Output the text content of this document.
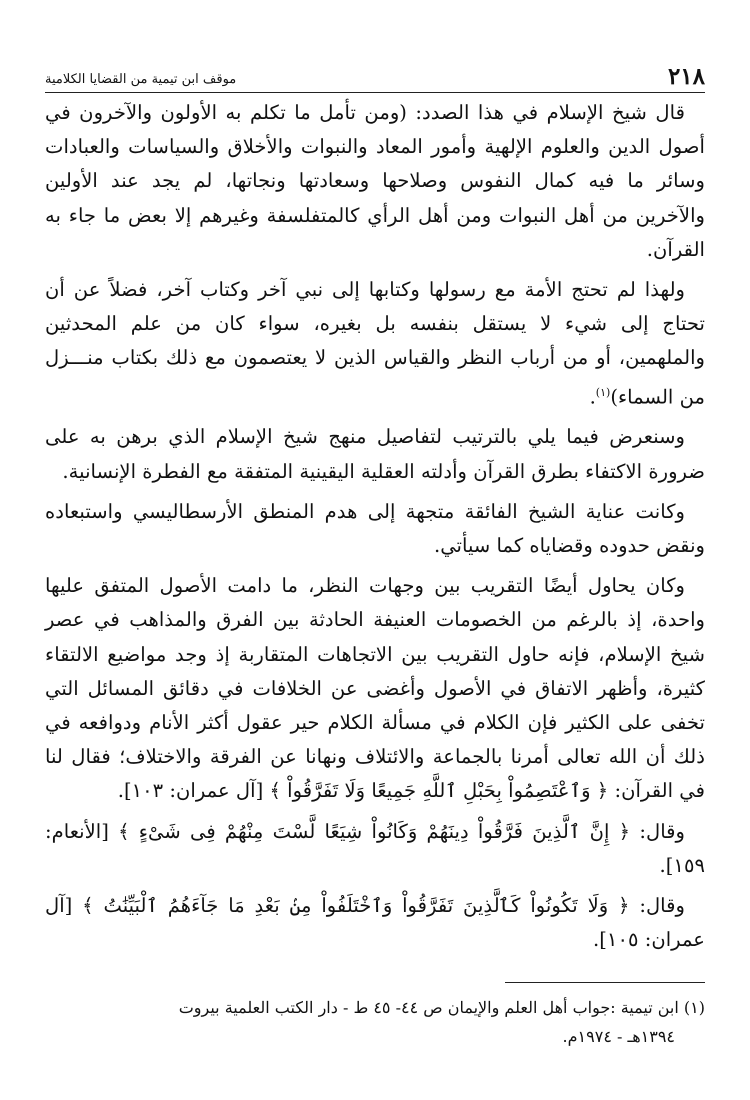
٢١٨
موقف ابن تيمية من القضايا الكلامية

قال شيخ الإسلام في هذا الصدد: (ومن تأمل ما تكلم به الأولون والآخرون في أصول الدين والعلوم الإلهية وأمور المعاد والنبوات والأخلاق والسياسات والعبادات وسائر ما فيه كمال النفوس وصلاحها وسعادتها ونجاتها، لم يجد عند الأولين والآخرين من أهل النبوات ومن أهل الرأي كالمتفلسفة وغيرهم إلا بعض ما جاء به القرآن.

ولهذا لم تحتج الأمة مع رسولها وكتابها إلى نبي آخر وكتاب آخر، فضلاً عن أن تحتاج إلى شيء لا يستقل بنفسه بل بغيره، سواء كان من علم المحدثين والملهمين، أو من أرباب النظر والقياس الذين لا يعتصمون مع ذلك بكتاب منـــزل من السماء)$^{(١)}$.

وسنعرض فيما يلي بالترتيب لتفاصيل منهج شيخ الإسلام الذي برهن به على ضرورة الاكتفاء بطرق القرآن وأدلته العقلية اليقينية المتفقة مع الفطرة الإنسانية.

وكانت عناية الشيخ الفائقة متجهة إلى هدم المنطق الأرسطاليسي واستبعاده ونقض حدوده وقضاياه كما سيأتي.

وكان يحاول أيضًا التقريب بين وجهات النظر، ما دامت الأصول المتفق عليها واحدة، إذ بالرغم من الخصومات العنيفة الحادثة بين الفرق والمذاهب في عصر شيخ الإسلام، فإنه حاول التقريب بين الاتجاهات المتقاربة إذ وجد مواضيع الالتقاء كثيرة، وأظهر الاتفاق في الأصول وأغضى عن الخلافات في دقائق المسائل التي تخفى على الكثير فإن الكلام في مسألة الكلام حير عقول أكثر الأنام ودوافعه في ذلك أن الله تعالى أمرنا بالجماعة والائتلاف ونهانا عن الفرقة والاختلاف؛ فقال لنا في القرآن: ﴿ وَٱعْتَصِمُواْ بِحَبْلِ ٱللَّهِ جَمِيعًا وَلَا تَفَرَّقُواْ ﴾ [آل عمران: ١٠٣].

وقال: ﴿ إِنَّ ٱلَّذِينَ فَرَّقُواْ دِينَهُمْ وَكَانُواْ شِيَعًا لَّسْتَ مِنْهُمْ فِى شَىْءٍ ﴾ [الأنعام: ١٥٩].

وقال: ﴿ وَلَا تَكُونُواْ كَٱلَّذِينَ تَفَرَّقُواْ وَٱخْتَلَفُواْ مِنۢ بَعْدِ مَا جَآءَهُمُ ٱلْبَيِّنَٰتُ ﴾ [آل عمران: ١٠٥].

(١) ابن تيمية :جواب أهل العلم والإيمان ص ٤٤- ٤٥ ط - دار الكتب العلمية بيروت
١٣٩٤هـ - ١٩٧٤م.
